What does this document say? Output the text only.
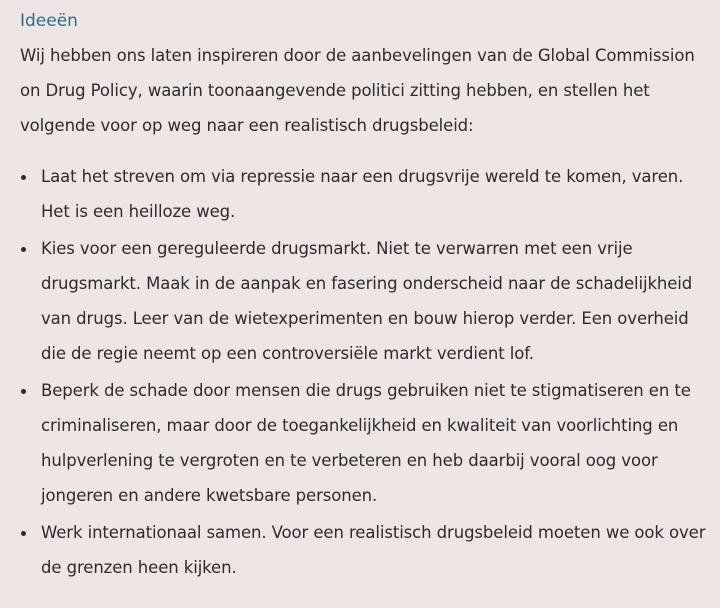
Ideeën

Wij hebben ons laten inspireren door de aanbevelingen van de Global Commission on Drug Policy, waarin toonaangevende politici zitting hebben, en stellen het volgende voor op weg naar een realistisch drugsbeleid:

Laat het streven om via repressie naar een drugsvrije wereld te komen, varen. Het is een heilloze weg.
Kies voor een gereguleerde drugsmarkt. Niet te verwarren met een vrije drugsmarkt. Maak in de aanpak en fasering onderscheid naar de schadelijkheid van drugs. Leer van de wietexperimenten en bouw hierop verder. Een overheid die de regie neemt op een controversiële markt verdient lof.
Beperk de schade door mensen die drugs gebruiken niet te stigmatiseren en te criminaliseren, maar door de toegankelijkheid en kwaliteit van voorlichting en hulpverlening te vergroten en te verbeteren en heb daarbij vooral oog voor jongeren en andere kwetsbare personen.
Werk internationaal samen. Voor een realistisch drugsbeleid moeten we ook over de grenzen heen kijken.
